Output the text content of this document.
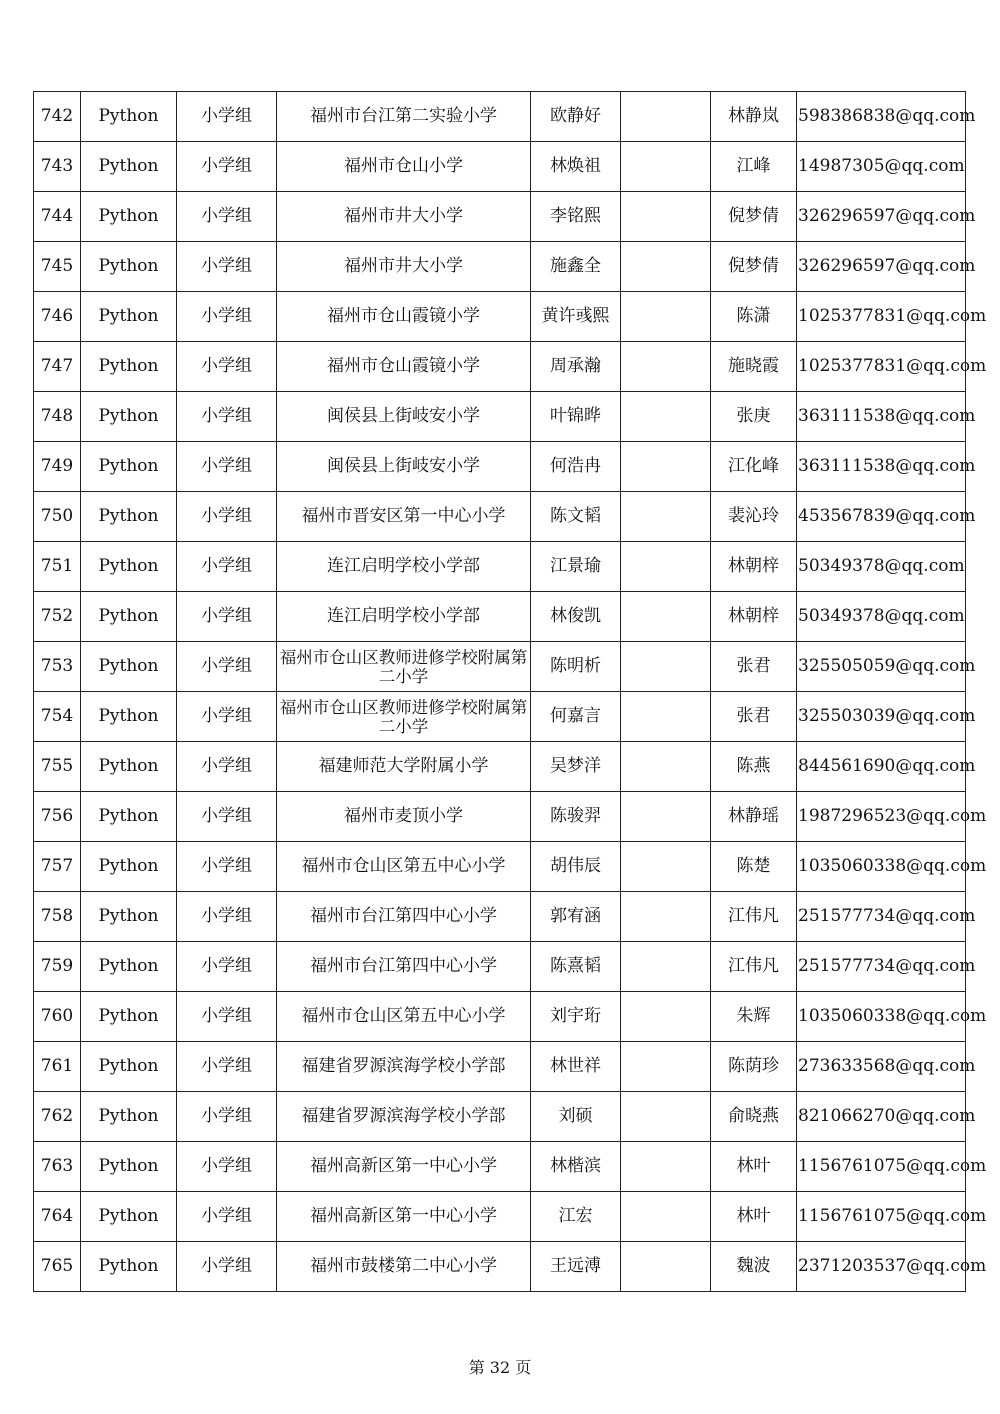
742	Python	小学组	福州市台江第二实验小学	欧静好		林静岚	598386838@qq.com
743	Python	小学组	福州市仓山小学	林焕祖		江峰	14987305@qq.com
744	Python	小学组	福州市井大小学	李铭熙		倪梦倩	326296597@qq.com
745	Python	小学组	福州市井大小学	施鑫全		倪梦倩	326296597@qq.com
746	Python	小学组	福州市仓山霞镜小学	黄许彧熙		陈潇	1025377831@qq.com
747	Python	小学组	福州市仓山霞镜小学	周承瀚		施晓霞	1025377831@qq.com
748	Python	小学组	闽侯县上街岐安小学	叶锦晔		张庚	363111538@qq.com
749	Python	小学组	闽侯县上街岐安小学	何浩冉		江化峰	363111538@qq.com
750	Python	小学组	福州市晋安区第一中心小学	陈文韬		裴沁玲	453567839@qq.com
751	Python	小学组	连江启明学校小学部	江景瑜		林朝梓	50349378@qq.com
752	Python	小学组	连江启明学校小学部	林俊凯		林朝梓	50349378@qq.com
753	Python	小学组	福州市仓山区教师进修学校附属第二小学	陈明析		张君	325505059@qq.com
754	Python	小学组	福州市仓山区教师进修学校附属第二小学	何嘉言		张君	325503039@qq.com
755	Python	小学组	福建师范大学附属小学	吴梦洋		陈燕	844561690@qq.com
756	Python	小学组	福州市麦顶小学	陈骏羿		林静瑶	1987296523@qq.com
757	Python	小学组	福州市仓山区第五中心小学	胡伟辰		陈楚	1035060338@qq.com
758	Python	小学组	福州市台江第四中心小学	郭宥涵		江伟凡	251577734@qq.com
759	Python	小学组	福州市台江第四中心小学	陈熹韬		江伟凡	251577734@qq.com
760	Python	小学组	福州市仓山区第五中心小学	刘宇珩		朱辉	1035060338@qq.com
761	Python	小学组	福建省罗源滨海学校小学部	林世祥		陈荫珍	273633568@qq.com
762	Python	小学组	福建省罗源滨海学校小学部	刘硕		俞晓燕	821066270@qq.com
763	Python	小学组	福州高新区第一中心小学	林楷滨		林叶	1156761075@qq.com
764	Python	小学组	福州高新区第一中心小学	江宏		林叶	1156761075@qq.com
765	Python	小学组	福州市鼓楼第二中心小学	王远溥		魏波	2371203537@qq.com
第 32 页
